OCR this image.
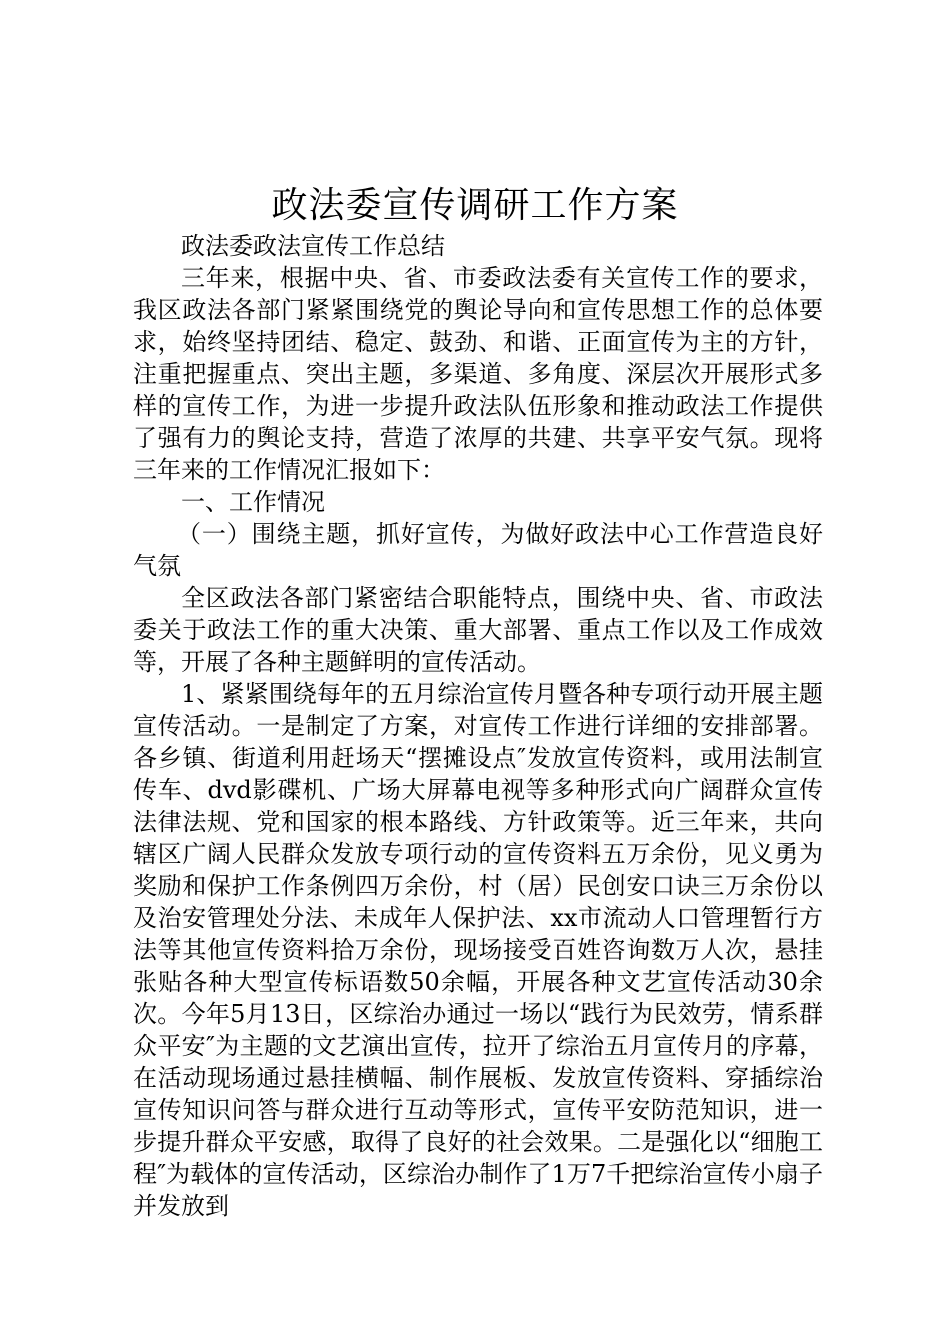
政法委宣传调研工作方案

政法委政法宣传工作总结

三年来，根据中央、省、市委政法委有关宣传工作的要求，我区政法各部门紧紧围绕党的舆论导向和宣传思想工作的总体要求，始终坚持团结、稳定、鼓劲、和谐、正面宣传为主的方针，注重把握重点、突出主题，多渠道、多角度、深层次开展形式多样的宣传工作，为进一步提升政法队伍形象和推动政法工作提供了强有力的舆论支持，营造了浓厚的共建、共享平安气氛。现将三年来的工作情况汇报如下：

一、工作情况

（一）围绕主题，抓好宣传，为做好政法中心工作营造良好气氛

全区政法各部门紧密结合职能特点，围绕中央、省、市政法委关于政法工作的重大决策、重大部署、重点工作以及工作成效等，开展了各种主题鲜明的宣传活动。

1、紧紧围绕每年的五月综治宣传月暨各种专项行动开展主题宣传活动。一是制定了方案，对宣传工作进行详细的安排部署。各乡镇、街道利用赶场天“摆摊设点″发放宣传资料，或用法制宣传车、dvd影碟机、广场大屏幕电视等多种形式向广阔群众宣传法律法规、党和国家的根本路线、方针政策等。近三年来，共向辖区广阔人民群众发放专项行动的宣传资料五万余份，见义勇为奖励和保护工作条例四万余份，村（居）民创安口诀三万余份以及治安管理处分法、未成年人保护法、xx市流动人口管理暂行方法等其他宣传资料拾万余份，现场接受百姓咨询数万人次，悬挂张贴各种大型宣传标语数50余幅，开展各种文艺宣传活动30余次。今年5月13日，区综治办通过一场以“践行为民效劳，情系群众平安″为主题的文艺演出宣传，拉开了综治五月宣传月的序幕，在活动现场通过悬挂横幅、制作展板、发放宣传资料、穿插综治宣传知识问答与群众进行互动等形式，宣传平安防范知识，进一步提升群众平安感，取得了良好的社会效果。二是强化以“细胞工程″为载体的宣传活动，区综治办制作了1万7千把综治宣传小扇子并发放到
